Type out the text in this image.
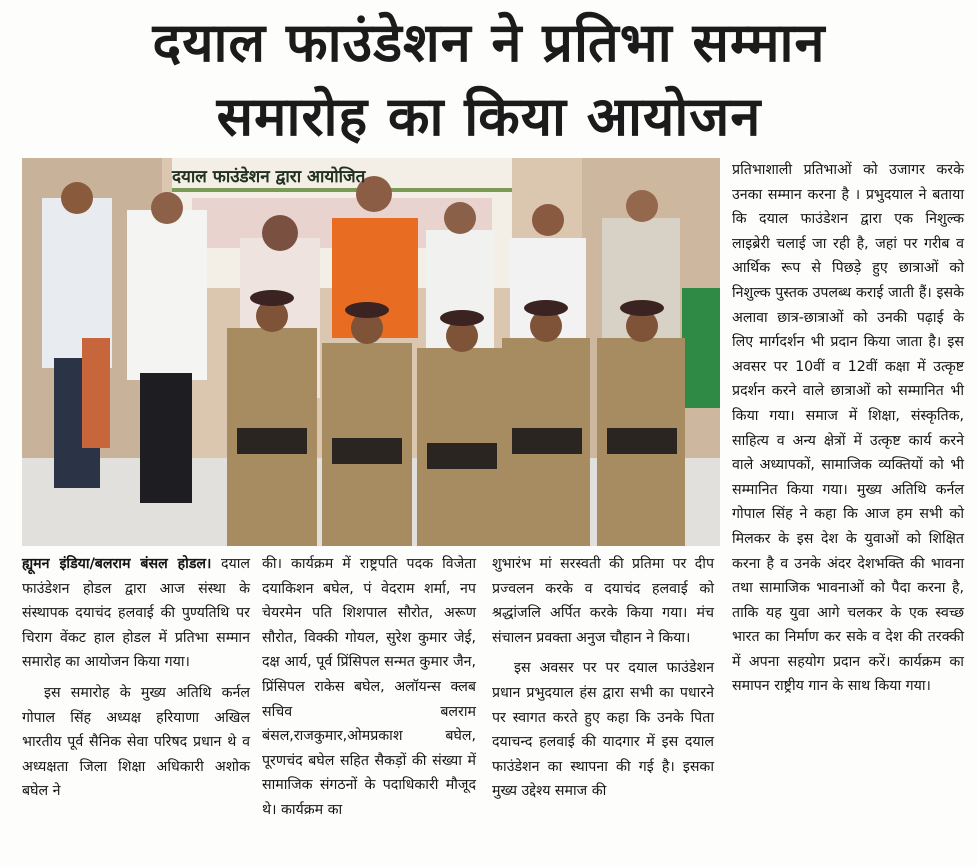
दयाल फाउंडेशन ने प्रतिभा सम्मान
समारोह का किया आयोजन
दयाल फाउंडेशन द्वारा आयोजित

ह्यूमन इंडिया/बलराम बंसल होडल। दयाल फाउंडेशन होडल द्वारा आज संस्था के संस्थापक दयाचंद हलवाई की पुण्यतिथि पर चिराग वेंकट हाल होडल में प्रतिभा सम्मान समारोह का आयोजन किया गया।

इस समारोह के मुख्य अतिथि कर्नल गोपाल सिंह अध्यक्ष हरियाणा अखिल भारतीय पूर्व सैनिक सेवा परिषद प्रधान थे व अध्यक्षता जिला शिक्षा अधिकारी अशोक बघेल ने

की। कार्यक्रम में राष्ट्रपति पदक विजेता दयाकिशन बघेल, पं वेदराम शर्मा, नप चेयरमेन पति शिशपाल सौरोत, अरूण सौरोत, विक्की गोयल, सुरेश कुमार जेई, दक्ष आर्य, पूर्व प्रिंसिपल सन्मत कुमार जैन, प्रिंसिपल राकेस बघेल, अलॉयन्स क्लब सचिव बलराम बंसल,राजकुमार,ओमप्रकाश बघेल, पूरणचंद बघेल सहित सैकड़ों की संख्या में सामाजिक संगठनों के पदाधिकारी मौजूद थे। कार्यक्रम का

शुभारंभ मां सरस्वती की प्रतिमा पर दीप प्रज्वलन करके व दयाचंद हलवाई को श्रद्धांजलि अर्पित करके किया गया। मंच संचालन प्रवक्ता अनुज चौहान ने किया।

इस अवसर पर पर दयाल फाउंडेशन प्रधान प्रभुदयाल हंस द्वारा सभी का पधारने पर स्वागत करते हुए कहा कि उनके पिता दयाचन्द हलवाई की यादगार में इस दयाल फाउंडेशन का स्थापना की गई है। इसका मुख्य उद्देश्य समाज की

प्रतिभाशाली प्रतिभाओं को उजागर करके उनका सम्मान करना है । प्रभुदयाल ने बताया कि दयाल फाउंडेशन द्वारा एक निशुल्क लाइब्रेरी चलाई जा रही है, जहां पर गरीब व आर्थिक रूप से पिछड़े हुए छात्राओं को निशुल्क पुस्तक उपलब्ध कराई जाती हैं। इसके अलावा छात्र-छात्राओं को उनकी पढ़ाई के लिए मार्गदर्शन भी प्रदान किया जाता है। इस अवसर पर 10वीं व 12वीं कक्षा में उत्कृष्ट प्रदर्शन करने वाले छात्राओं को सम्मानित भी किया गया। समाज में शिक्षा, संस्कृतिक, साहित्य व अन्य क्षेत्रों में उत्कृष्ट कार्य करने वाले अध्यापकों, सामाजिक व्यक्तियों को भी सम्मानित किया गया। मुख्य अतिथि कर्नल गोपाल सिंह ने कहा कि आज हम सभी को मिलकर के इस देश के युवाओं को शिक्षित करना है व उनके अंदर देशभक्ति की भावना तथा सामाजिक भावनाओं को पैदा करना है, ताकि यह युवा आगे चलकर के एक स्वच्छ भारत का निर्माण कर सके व देश की तरक्की में अपना सहयोग प्रदान करें। कार्यक्रम का समापन राष्ट्रीय गान के साथ किया गया।
